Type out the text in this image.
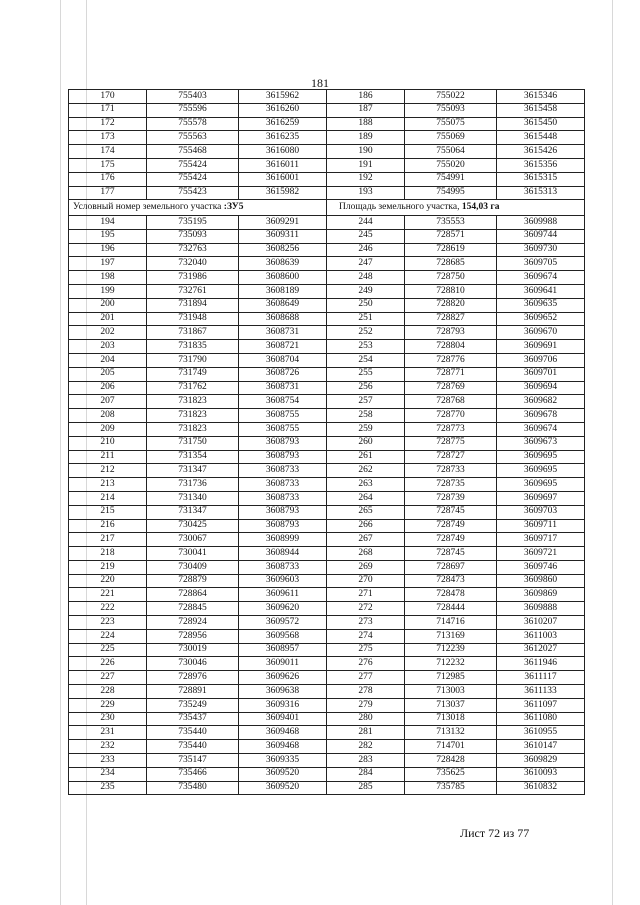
181
170	755403	3615962	186	755022	3615346
171	755596	3616260	187	755093	3615458
172	755578	3616259	188	755075	3615450
173	755563	3616235	189	755069	3615448
174	755468	3616080	190	755064	3615426
175	755424	3616011	191	755020	3615356
176	755424	3616001	192	754991	3615315
177	755423	3615982	193	754995	3615313
Условный номер земельного участка :ЗУ5			Площадь земельного участка, 154,03 га		
194	735195	3609291	244	735553	3609988
195	735093	3609311	245	728571	3609744
196	732763	3608256	246	728619	3609730
197	732040	3608639	247	728685	3609705
198	731986	3608600	248	728750	3609674
199	732761	3608189	249	728810	3609641
200	731894	3608649	250	728820	3609635
201	731948	3608688	251	728827	3609652
202	731867	3608731	252	728793	3609670
203	731835	3608721	253	728804	3609691
204	731790	3608704	254	728776	3609706
205	731749	3608726	255	728771	3609701
206	731762	3608731	256	728769	3609694
207	731823	3608754	257	728768	3609682
208	731823	3608755	258	728770	3609678
209	731823	3608755	259	728773	3609674
210	731750	3608793	260	728775	3609673
211	731354	3608793	261	728727	3609695
212	731347	3608733	262	728733	3609695
213	731736	3608733	263	728735	3609695
214	731340	3608733	264	728739	3609697
215	731347	3608793	265	728745	3609703
216	730425	3608793	266	728749	3609711
217	730067	3608999	267	728749	3609717
218	730041	3608944	268	728745	3609721
219	730409	3608733	269	728697	3609746
220	728879	3609603	270	728473	3609860
221	728864	3609611	271	728478	3609869
222	728845	3609620	272	728444	3609888
223	728924	3609572	273	714716	3610207
224	728956	3609568	274	713169	3611003
225	730019	3608957	275	712239	3612027
226	730046	3609011	276	712232	3611946
227	728976	3609626	277	712985	3611117
228	728891	3609638	278	713003	3611133
229	735249	3609316	279	713037	3611097
230	735437	3609401	280	713018	3611080
231	735440	3609468	281	713132	3610955
232	735440	3609468	282	714701	3610147
233	735147	3609335	283	728428	3609829
234	735466	3609520	284	735625	3610093
235	735480	3609520	285	735785	3610832
Лист 72 из 77
